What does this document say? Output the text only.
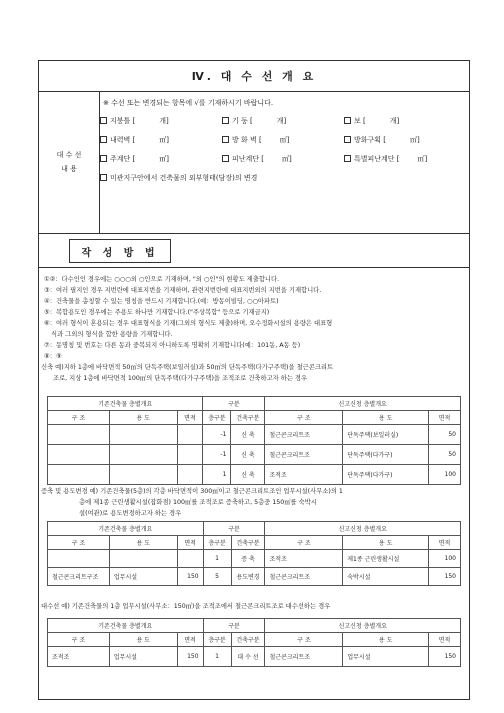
Ⅳ. 대 수 선 개 요
대 수 선
내 용
※ 수선 또는 변경되는 항목에 √를 기재하시기 바랍니다.
지붕틀 [	개]	기 둥 [	개]	보 [	개]
내력벽 [	㎡]	방 화 벽 [	㎡]	방화구획 [	㎡]
주계단 [	㎡]	피난계단 [	㎡]	특별피난계단 [	㎡]
미관지구안에서 건축물의 외부형태(담장)의 변경
작 성 방 법
①②：다수인인 경우에는 ○○○외 ○인으로 기재하며, "외 ○인"의 현황도 제출합니다.
③：여러 필지인 경우 지번란에 대표지번을 기재하며, 관련지번란에 대표지번외의 지번을 기재합니다.
④：건축물을 총칭할 수 있는 명칭을 반드시 기재합니다.(예：방동이빌딩, ○○아파트)
⑤：복합용도인 경우에는 주용도 하나만 기재합니다.("주상복합" 등으로 기재금지)
⑥：여러 형식이 혼용되는 경우 대표형식을 기재(그외의 형식도 제출)하며, 오수정화시설의 용량은 대표형
식과 그외의 형식을 합한 용량을 기재합니다.
⑦：동명칭 및 번호는 다른 동과 중복되지 아니하도록 명확히 기재합니다(예：101동, A동 등)
⑧：⑨
신축 예)지하 1층에 바닥면적 50㎡의 단독주택(보일러실)과 50㎡의 단독주택(다가구주택)을 철근콘크리트
조로, 지상 1층에 바닥면적 100㎡의 단독주택(다가구주택)을 조적조로 건축하고자 하는 경우
기존건축물 층별개요			구분		신고신청 층별개요		
구 조	용 도	면적	층구분	건축구분	구 조	용 도	면적
			-1	신 축	철근콘크리트조	단독주택(보일러실)	50
			-1	신 축	철근콘크리트조	단독주택(다가구)	50
			1	신 축	조적조	단독주택(다가구)	100
증축 및 용도변경 예) 기존건축물(5층)의 각층 바닥면적이 300㎡이고 철근콘크리트조인 업무시설(사무소)의 1
층에 제1종 근린생활시설(잡화점) 100㎡를 조적조로 증축하고, 5층중 150㎡를 숙박시
설(여관)로 용도변경하고자 하는 경우
기존건축물 층별개요			구분		신고신청 층별개요		
구 조	용 도	면적	층구분	건축구분	구 조	용 도	면적
			1	증 축	조적조	제1종 근린생활시설	100
철근콘크리트구조	업무시설	150	5	용도변경	철근콘크리트조	숙박시설	150
대수선 예) 기존건축물의 1층 업무시설(사무소：150㎡)을 조적조에서 철근콘크리트조로 대수선하는 경우
기존건축물 층별개요			구분		신고신청 층별개요		
구 조	용 도	면적	층구분	건축구분	구 조	용 도	면적
조적조	업무시설	150	1	대 수 선	철근콘크리트조	업무시설	150
